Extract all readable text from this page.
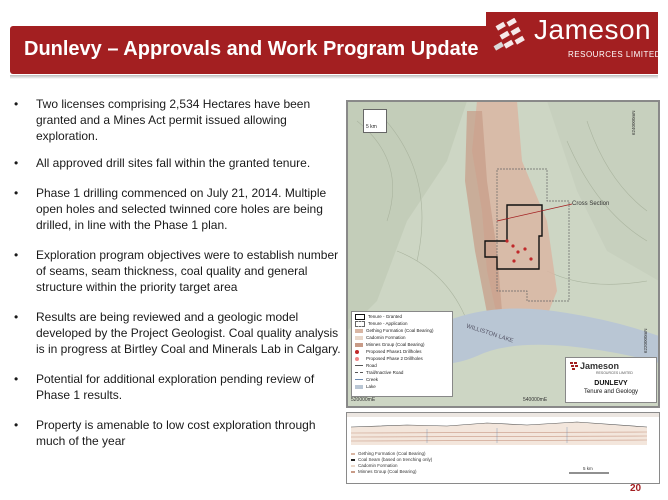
Dunlevy – Approvals and Work Program Update
Jameson
RESOURCES LIMITED
• Two licenses comprising 2,534 Hectares have been granted and a Mines Act permit issued allowing exploration.
• All approved drill sites fall within the granted tenure.
• Phase 1 drilling commenced on July 21, 2014. Multiple open holes and selected twinned core holes are being drilled, in line with the Phase 1 plan.
• Exploration program objectives were to establish number of seams, seam thickness, coal quality and general structure within the priority target area
• Results are being reviewed and a geologic model developed by the Project Geologist. Coal quality analysis is in progress at Birtley Coal and Minerals Lab in Calgary.
• Potential for additional exploration pending review of Phase 1 results.
• Property is amenable to low cost exploration through much of the year
5 km
Cross Section
WILLISTON LAKE
520000mE	540000mE
6240000mN
6220000mN
Tenure - Granted
Tenure - Application
Gething Formation (Coal Bearing)
Cadomin Formation
Minnes Group (Coal Bearing)
Proposed Phase1 Drillholes
Proposed Phase 2 Drillholes
Road
Trail/Inactive Road
Creek
Lake
Jameson
RESOURCES LIMITED
DUNLEVY
Tenure and Geology
Gething Formation (Coal Bearing)
Coal Seam (based on trenching only)
Cadomin Formation
Minnes Group (Coal Bearing)
5 km
20
